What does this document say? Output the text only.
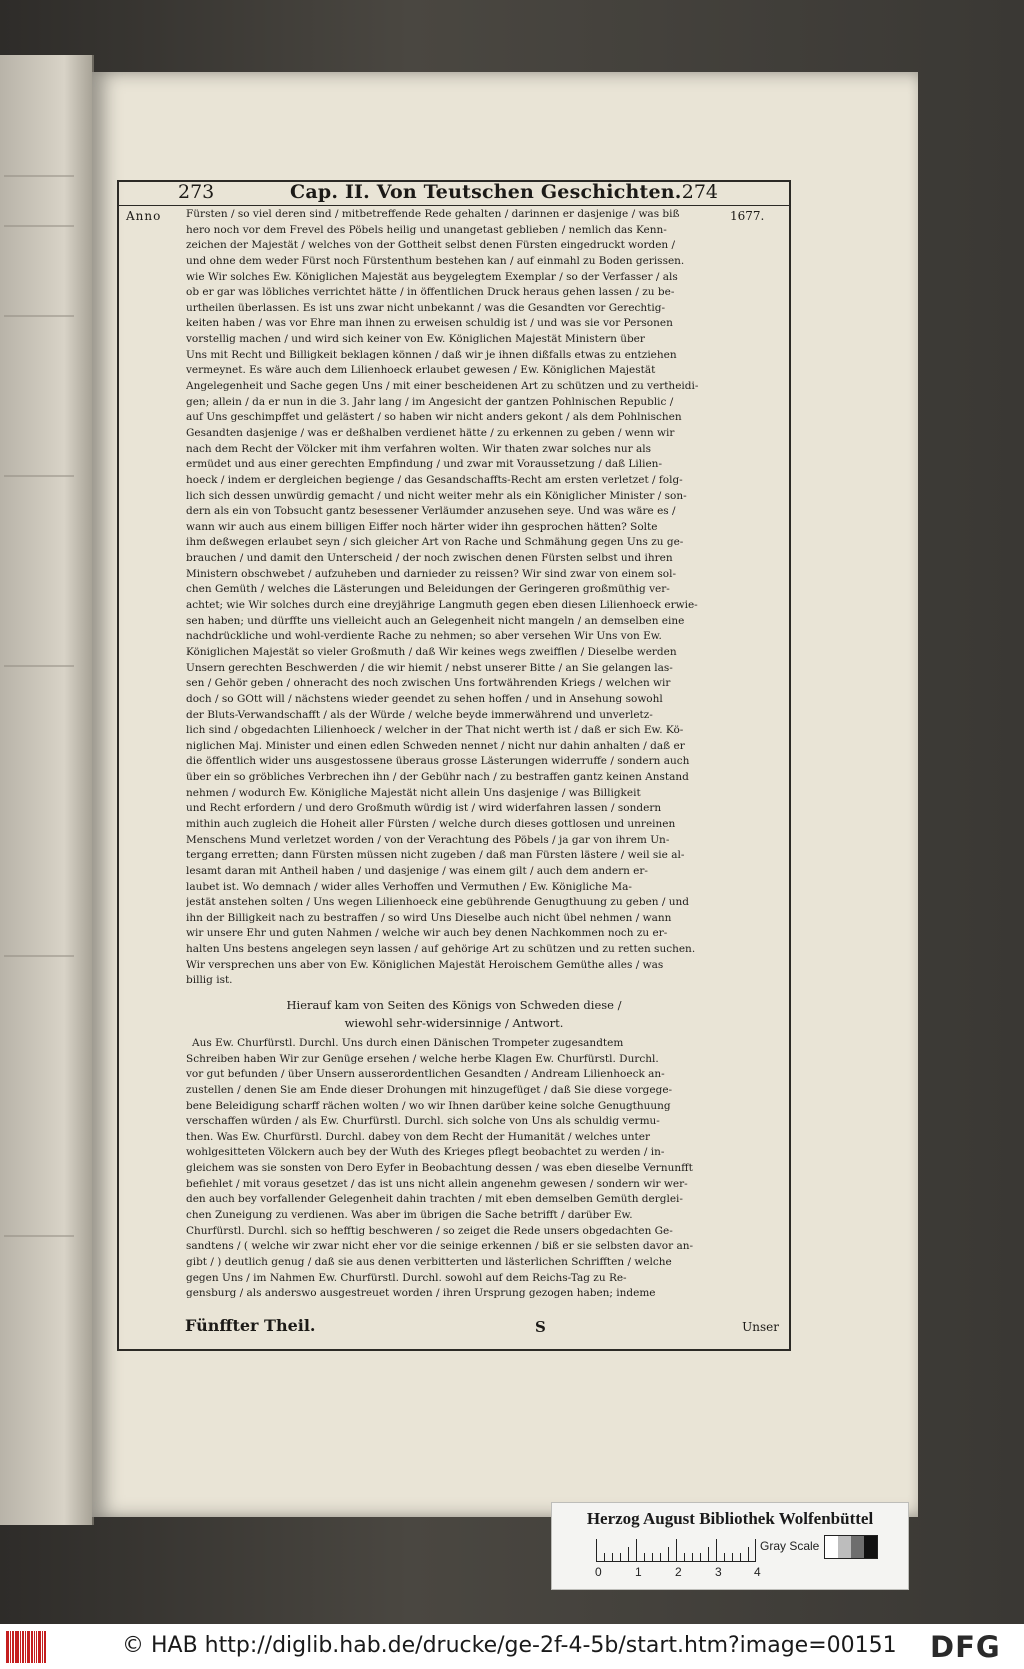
273	Cap. II. Von Teutschen Geschichten. 274
Anno	1677.
» Fürsten / so viel deren sind / mitbetreffende Rede gehalten / darinnen er dasjenige / was biß
» hero noch vor dem Frevel des Pöbels heilig und unangetast geblieben / nemlich das Kenn-
» zeichen der Majestät / welches von der Gottheit selbst denen Fürsten eingedruckt worden /
» und ohne dem weder Fürst noch Fürstenthum bestehen kan / auf einmahl zu Boden gerissen.
» wie Wir solches Ew. Königlichen Majestät aus beygelegtem Exemplar / so der Verfasser / als
» ob er gar was löbliches verrichtet hätte / in öffentlichen Druck heraus gehen lassen / zu be-
» urtheilen überlassen. Es ist uns zwar nicht unbekannt / was die Gesandten vor Gerechtig-
» keiten haben / was vor Ehre man ihnen zu erweisen schuldig ist / und was sie vor Personen
» vorstellig machen / und wird sich keiner von Ew. Königlichen Majestät Ministern über
» Uns mit Recht und Billigkeit beklagen können / daß wir je ihnen dißfalls etwas zu entziehen
» vermeynet. Es wäre auch dem Lilienhoeck erlaubet gewesen / Ew. Königlichen Majestät
» Angelegenheit und Sache gegen Uns / mit einer bescheidenen Art zu schützen und zu vertheidi-
» gen; allein / da er nun in die 3. Jahr lang / im Angesicht der gantzen Pohlnischen Republic /
» auf Uns geschimpffet und gelästert / so haben wir nicht anders gekont / als dem Pohlnischen
» Gesandten dasjenige / was er deßhalben verdienet hätte / zu erkennen zu geben / wenn wir
» nach dem Recht der Völcker mit ihm verfahren wolten. Wir thaten zwar solches nur als
» ermüdet und aus einer gerechten Empfindung / und zwar mit Voraussetzung / daß Lilien-
» hoeck / indem er dergleichen begienge / das Gesandschaffts-Recht am ersten verletzet / folg-
» lich sich dessen unwürdig gemacht / und nicht weiter mehr als ein Königlicher Minister / son-
» dern als ein von Tobsucht gantz besessener Verläumder anzusehen seye. Und was wäre es /
» wann wir auch aus einem billigen Eiffer noch härter wider ihn gesprochen hätten? Solte
» ihm deßwegen erlaubet seyn / sich gleicher Art von Rache und Schmähung gegen Uns zu ge-
» brauchen / und damit den Unterscheid / der noch zwischen denen Fürsten selbst und ihren
» Ministern obschwebet / aufzuheben und darnieder zu reissen? Wir sind zwar von einem sol-
» chen Gemüth / welches die Lästerungen und Beleidungen der Geringeren großmüthig ver-
» achtet; wie Wir solches durch eine dreyjährige Langmuth gegen eben diesen Lilienhoeck erwie-
» sen haben; und dürffte uns vielleicht auch an Gelegenheit nicht mangeln / an demselben eine
» nachdrückliche und wohl-verdiente Rache zu nehmen; so aber versehen Wir Uns von Ew.
» Königlichen Majestät so vieler Großmuth / daß Wir keines wegs zweifflen / Dieselbe werden
» Unsern gerechten Beschwerden / die wir hiemit / nebst unserer Bitte / an Sie gelangen las-
» sen / Gehör geben / ohneracht des noch zwischen Uns fortwährenden Kriegs / welchen wir
» doch / so GOtt will / nächstens wieder geendet zu sehen hoffen / und in Ansehung sowohl
» der Bluts-Verwandschafft / als der Würde / welche beyde immerwährend und unverletz-
» lich sind / obgedachten Lilienhoeck / welcher in der That nicht werth ist / daß er sich Ew. Kö-
» niglichen Maj. Minister und einen edlen Schweden nennet / nicht nur dahin anhalten / daß er
» die öffentlich wider uns ausgestossene überaus grosse Lästerungen widerruffe / sondern auch
» über ein so gröbliches Verbrechen ihn / der Gebühr nach / zu bestraffen gantz keinen Anstand
» nehmen / wodurch Ew. Königliche Majestät nicht allein Uns dasjenige / was Billigkeit
» und Recht erfordern / und dero Großmuth würdig ist / wird widerfahren lassen / sondern
» mithin auch zugleich die Hoheit aller Fürsten / welche durch dieses gottlosen und unreinen
» Menschens Mund verletzet worden / von der Verachtung des Pöbels / ja gar von ihrem Un-
» tergang erretten; dann Fürsten müssen nicht zugeben / daß man Fürsten lästere / weil sie al-
» lesamt daran mit Antheil haben / und dasjenige / was einem gilt / auch dem andern er-
» laubet ist. Wo demnach / wider alles Verhoffen und Vermuthen / Ew. Königliche Ma-
» jestät anstehen solten / Uns wegen Lilienhoeck eine gebührende Genugthuung zu geben / und
» ihn der Billigkeit nach zu bestraffen / so wird Uns Dieselbe auch nicht übel nehmen / wann
» wir unsere Ehr und guten Nahmen / welche wir auch bey denen Nachkommen noch zu er-
» halten Uns bestens angelegen seyn lassen / auf gehörige Art zu schützen und zu retten suchen.
» Wir versprechen uns aber von Ew. Königlichen Majestät Heroischem Gemüthe alles / was
» billig ist.
Hierauf kam von Seiten des Königs von Schweden diese /
wiewohl sehr-widersinnige / Antwort.
„ Aus Ew. Churfürstl. Durchl. Uns durch einen Dänischen Trompeter zugesandtem
„ Schreiben haben Wir zur Genüge ersehen / welche herbe Klagen Ew. Churfürstl. Durchl.
„ vor gut befunden / über Unsern ausserordentlichen Gesandten / Andream Lilienhoeck an-
„ zustellen / denen Sie am Ende dieser Drohungen mit hinzugefüget / daß Sie diese vorgege-
„ bene Beleidigung scharff rächen wolten / wo wir Ihnen darüber keine solche Genugthuung
„ verschaffen würden / als Ew. Churfürstl. Durchl. sich solche von Uns als schuldig vermu-
„ then. Was Ew. Churfürstl. Durchl. dabey von dem Recht der Humanität / welches unter
„ wohlgesitteten Völckern auch bey der Wuth des Krieges pflegt beobachtet zu werden / in-
„ gleichem was sie sonsten von Dero Eyfer in Beobachtung dessen / was eben dieselbe Vernunfft
„ befiehlet / mit voraus gesetzet / das ist uns nicht allein angenehm gewesen / sondern wir wer-
„ den auch bey vorfallender Gelegenheit dahin trachten / mit eben demselben Gemüth derglei-
„ chen Zuneigung zu verdienen. Was aber im übrigen die Sache betrifft / darüber Ew.
„ Churfürstl. Durchl. sich so hefftig beschweren / so zeiget die Rede unsers obgedachten Ge-
„ sandtens / ( welche wir zwar nicht eher vor die seinige erkennen / biß er sie selbsten davor an-
„ gibt / ) deutlich genug / daß sie aus denen verbitterten und lästerlichen Schrifften / welche
„ gegen Uns / im Nahmen Ew. Churfürstl. Durchl. sowohl auf dem Reichs-Tag zu Re-
„ gensburg / als anderswo ausgestreuet worden / ihren Ursprung gezogen haben; indeme
Fünffter Theil.	S	Unser
Herzog August Bibliothek Wolfenbüttel
0	1	2	3	4
Gray Scale
© HAB http://diglib.hab.de/drucke/ge-2f-4-5b/start.htm?image=00151 DFG
